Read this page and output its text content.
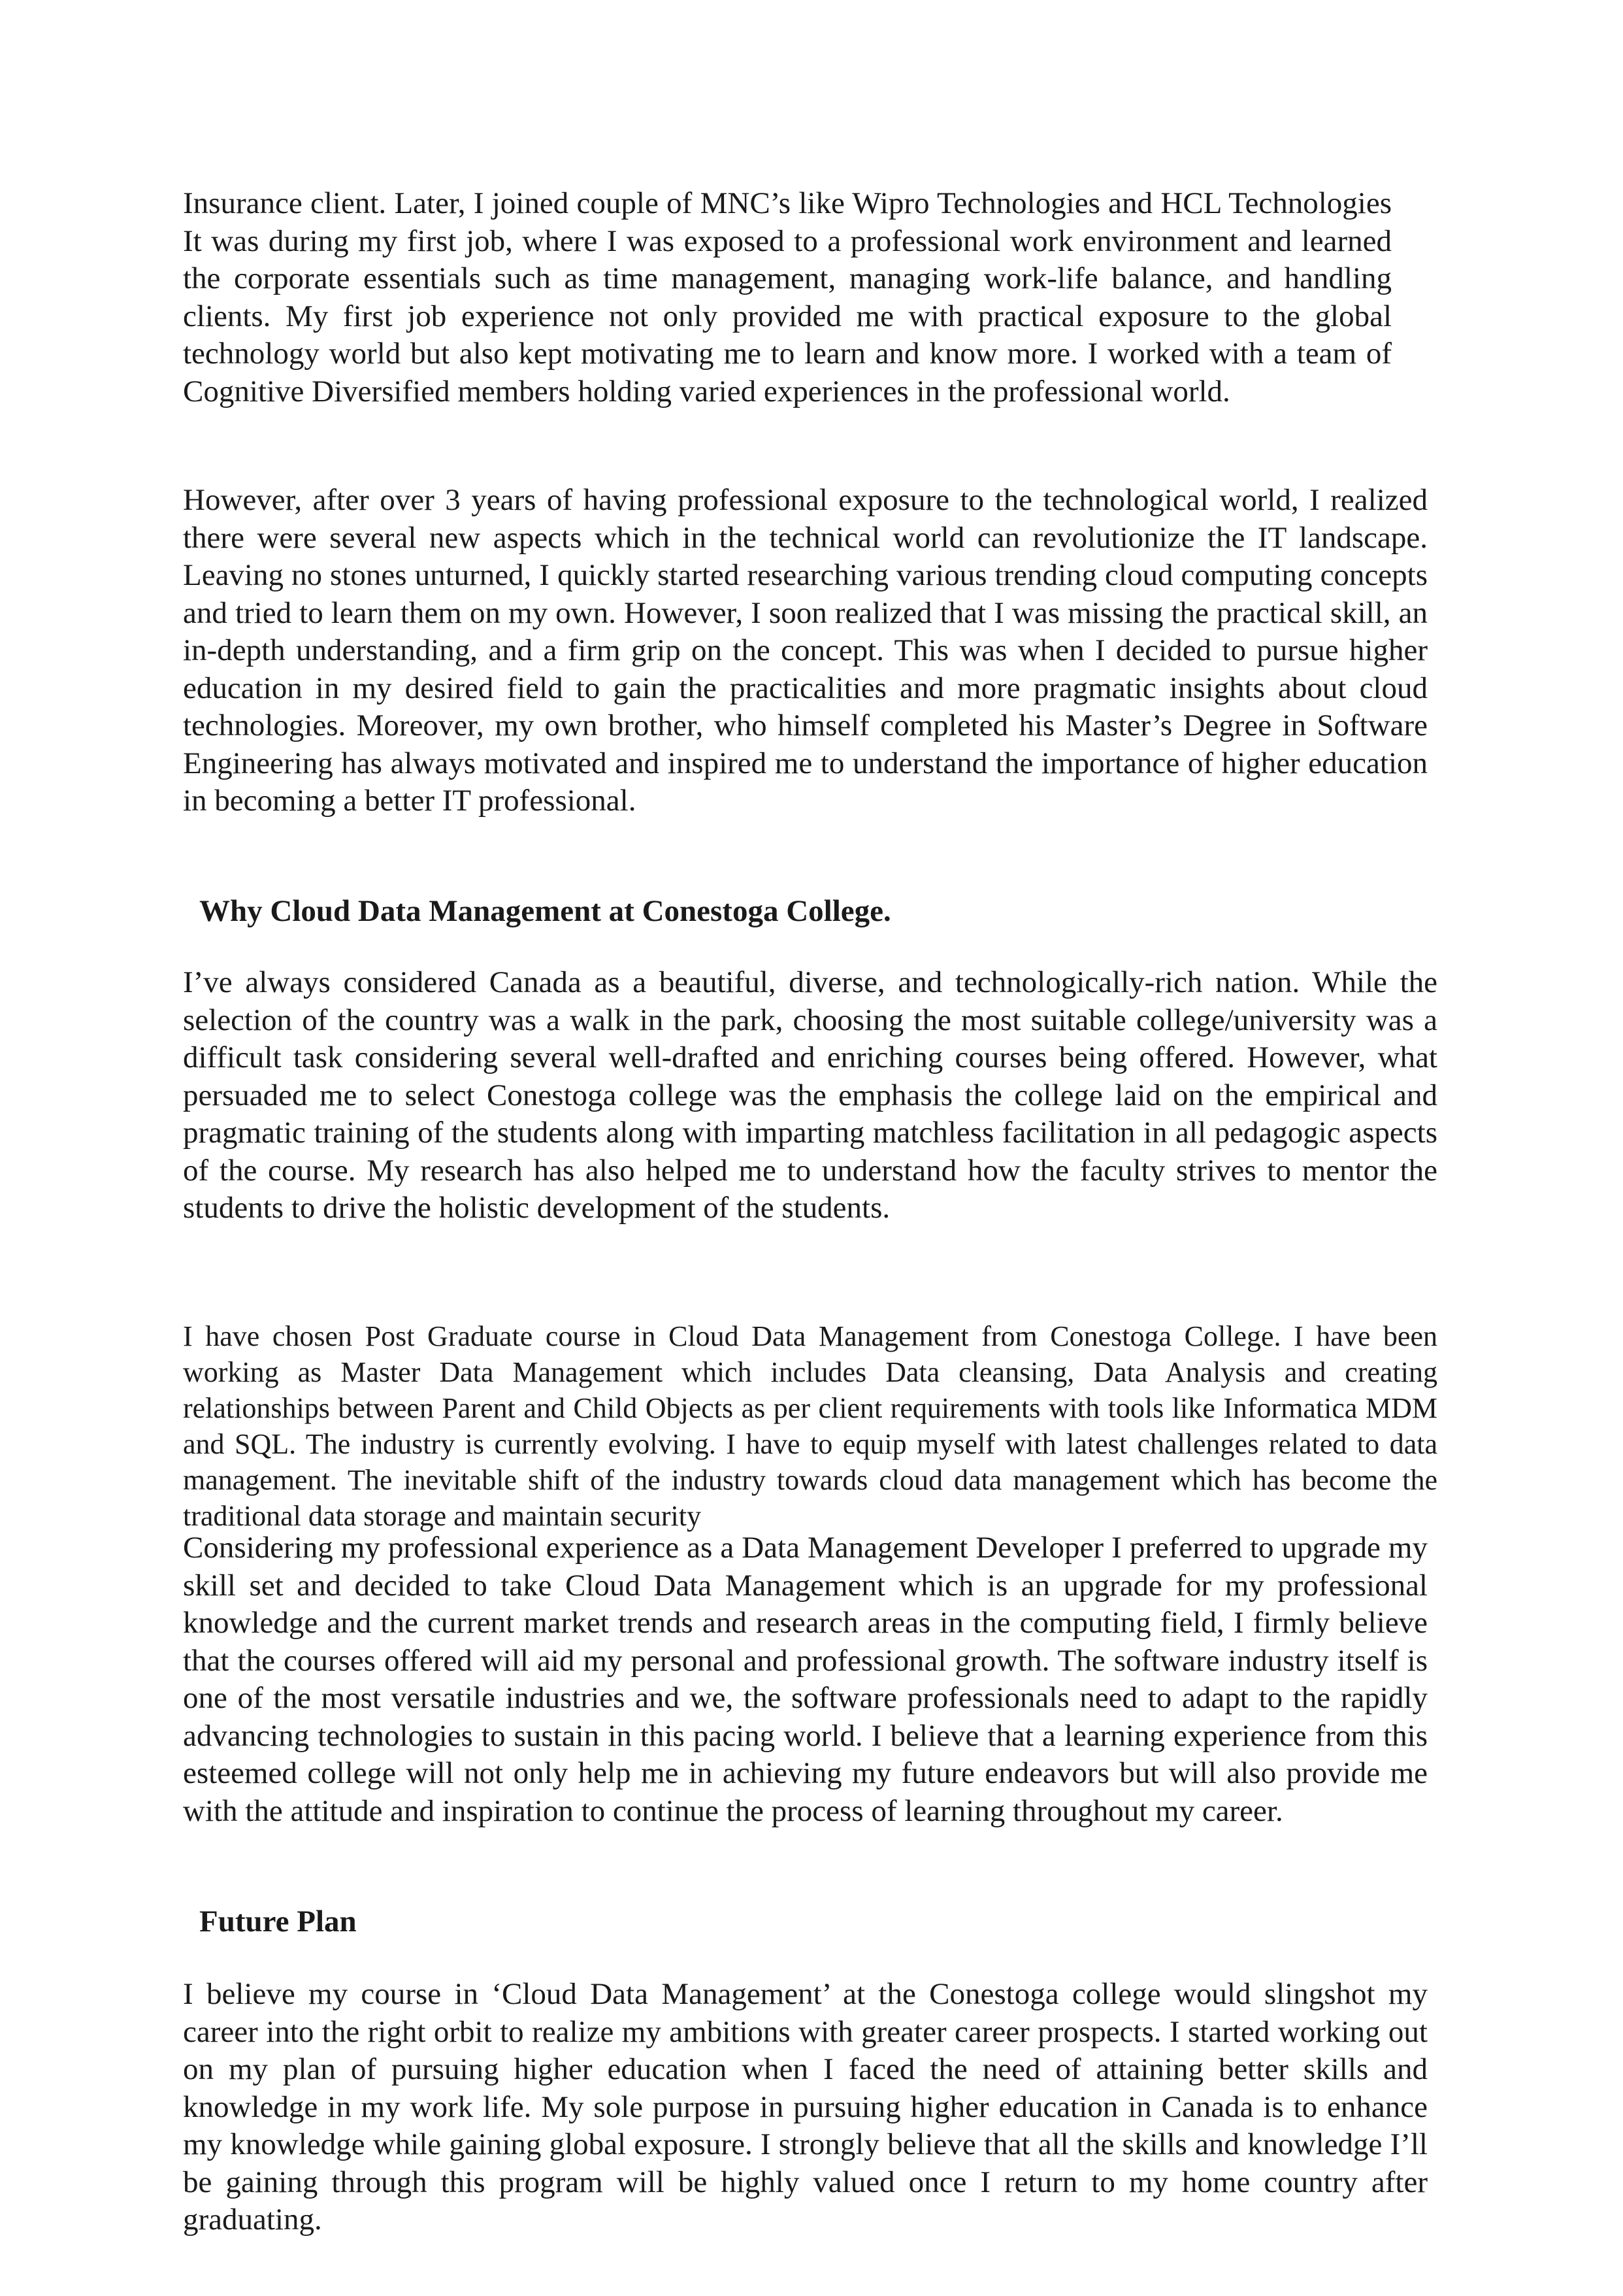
Insurance client. Later, I joined couple of MNC’s like Wipro Technologies and HCL Technologies It was during my first job, where I was exposed to a professional work environment and learned the corporate essentials such as time management, managing work-life balance, and handling clients. My first job experience not only provided me with practical exposure to the global technology world but also kept motivating me to learn and know more. I worked with a team of Cognitive Diversified members holding varied experiences in the professional world.

However, after over 3 years of having professional exposure to the technological world, I realized there were several new aspects which in the technical world can revolutionize the IT landscape. Leaving no stones unturned, I quickly started researching various trending cloud computing concepts and tried to learn them on my own. However, I soon realized that I was missing the practical skill, an in-depth understanding, and a firm grip on the concept. This was when I decided to pursue higher education in my desired field to gain the practicalities and more pragmatic insights about cloud technologies. Moreover, my own brother, who himself completed his Master’s Degree in Software Engineering has always motivated and inspired me to understand the importance of higher education in becoming a better IT professional.

Why Cloud Data Management at Conestoga College.

I’ve always considered Canada as a beautiful, diverse, and technologically-rich nation. While the selection of the country was a walk in the park, choosing the most suitable college/university was a difficult task considering several well-drafted and enriching courses being offered. However, what persuaded me to select Conestoga college was the emphasis the college laid on the empirical and pragmatic training of the students along with imparting matchless facilitation in all pedagogic aspects of the course. My research has also helped me to understand how the faculty strives to mentor the students to drive the holistic development of the students.

I have chosen Post Graduate course in Cloud Data Management from Conestoga College. I have been working as Master Data Management which includes Data cleansing, Data Analysis and creating relationships between Parent and Child Objects as per client requirements with tools like Informatica MDM and SQL. The industry is currently evolving. I have to equip myself with latest challenges related to data management. The inevitable shift of the industry towards cloud data management which has become the traditional data storage and maintain security

Considering my professional experience as a Data Management Developer I preferred to upgrade my skill set and decided to take Cloud Data Management which is an upgrade for my professional knowledge and the current market trends and research areas in the computing field, I firmly believe that the courses offered will aid my personal and professional growth. The software industry itself is one of the most versatile industries and we, the software professionals need to adapt to the rapidly advancing technologies to sustain in this pacing world. I believe that a learning experience from this esteemed college will not only help me in achieving my future endeavors but will also provide me with the attitude and inspiration to continue the process of learning throughout my career.

Future Plan

I believe my course in ‘Cloud Data Management’ at the Conestoga college would slingshot my career into the right orbit to realize my ambitions with greater career prospects. I started working out on my plan of pursuing higher education when I faced the need of attaining better skills and knowledge in my work life. My sole purpose in pursuing higher education in Canada is to enhance my knowledge while gaining global exposure. I strongly believe that all the skills and knowledge I’ll be gaining through this program will be highly valued once I return to my home country after graduating.
